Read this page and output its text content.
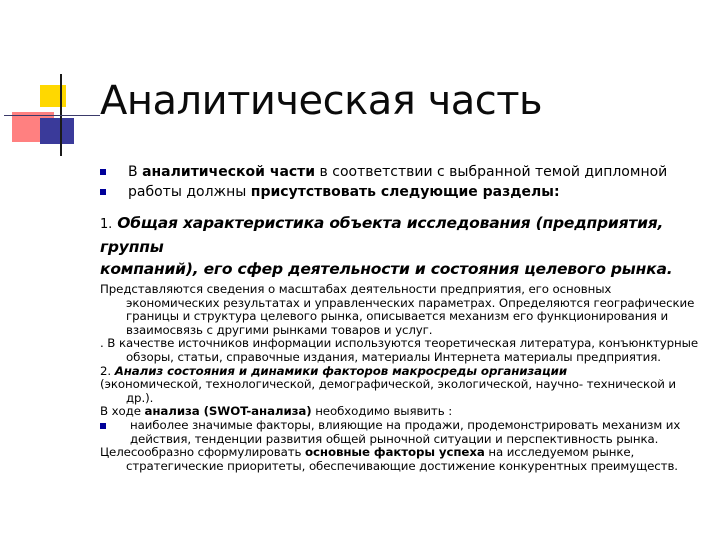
Аналитическая часть
В аналитической части в соответствии с выбранной темой дипломной
работы должны присутствовать следующие разделы:
1. Общая характеристика объекта исследования (предприятия, группы
компаний), его сфер деятельности и состояния целевого рынка.
Представляются сведения о масштабах деятельности предприятия, его основных экономических результатах и управленческих параметрах. Определяются географические границы и структура целевого рынка, описывается механизм его функционирования и взаимосвязь с другими рынками товаров и услуг.
. В качестве источников информации используются теоретическая литература, конъюнктурные обзоры, статьи, справочные издания, материалы Интернета материалы предприятия.
2. Анализ состояния и динамики факторов макросреды организации
(экономической, технологической, демографической, экологической, научно- технической и др.).
В ходе анализа (SWOT-анализа) необходимо выявить :
наиболее значимые факторы, влияющие на продажи, продемонстрировать механизм их действия, тенденции развития общей рыночной ситуации и перспективность рынка.
Целесообразно сформулировать основные факторы успеха на исследуемом рынке, стратегические приоритеты, обеспечивающие достижение конкурентных преимуществ.
